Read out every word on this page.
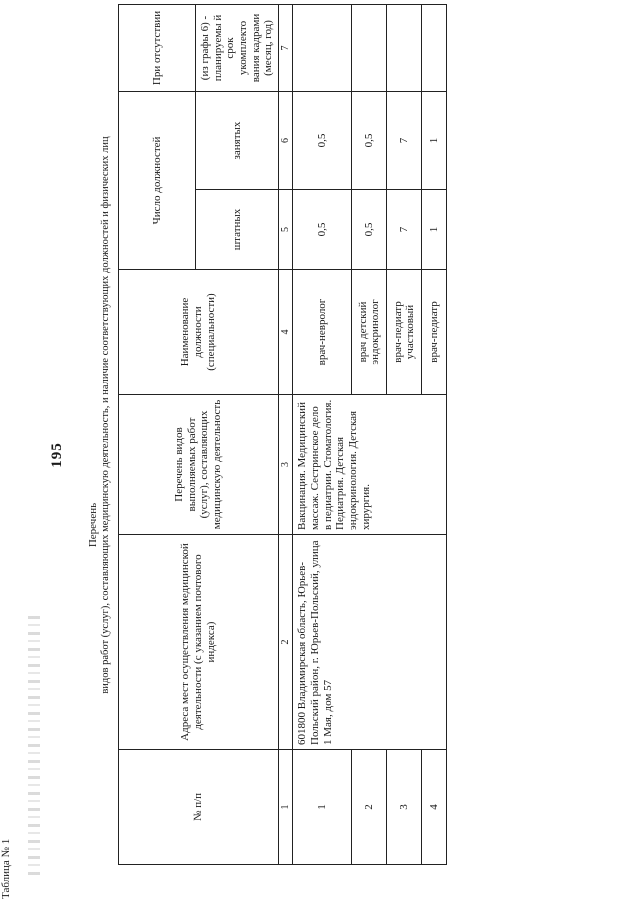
Таблица № 1
195
Перечень видов работ (услуг), составляющих медицинскую деятельность, и наличие соответствующих должностей и физических лиц
№ п/п	Адреса мест осуществления медицинской деятельности (с указанием почтового индекса)	Перечень видов выполняемых работ (услуг), составляющих медицинскую деятельность	Наименование должности (специальности)	Число должностей		При отсутствии
				штатных	занятых	(из графы 6) - планируемы й срок укомплекто вания кадрами (месяц, год)
1	2	3	4	5	6	7
1	601800 Владимирская область, Юрьев-Польский район, г. Юрьев-Польский, улица 1 Мая, дом 57	Вакцинация. Медицинский массаж. Сестринское дело в педиатрии. Стоматология. Педиатрия. Детская эндокринология. Детская хирургия.	врач-невролог	0,5	0,5	
2			врач детский эндокринолог	0,5	0,5	
3			врач-педиатр участковый	7	7	
4			врач-педиатр	1	1	
